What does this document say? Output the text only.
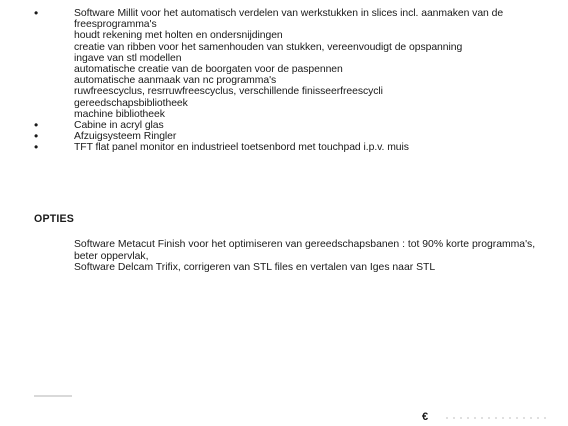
•	Software Millit voor het automatisch verdelen van werkstukken in slices incl. aanmaken van de
freesprogramma's
houdt rekening met holten en ondersnijdingen
creatie van ribben voor het samenhouden van stukken, vereenvoudigt de opspanning
ingave van stl modellen
automatische creatie van de boorgaten voor de paspennen
automatische aanmaak van nc programma's
ruwfreescyclus, resrruwfreescyclus, verschillende finisseerfreescycli
gereedschapsbibliotheek
machine bibliotheek
•	Cabine in acryl glas
•	Afzuigsysteem Ringler
•	TFT flat panel monitor en industrieel toetsenbord met touchpad i.p.v. muis
OPTIES
Software Metacut Finish voor het optimiseren van gereedschapsbanen : tot 90% korte programma's,
beter oppervlak,
Software Delcam Trifix, corrigeren van STL files en vertalen van Iges naar STL
€
